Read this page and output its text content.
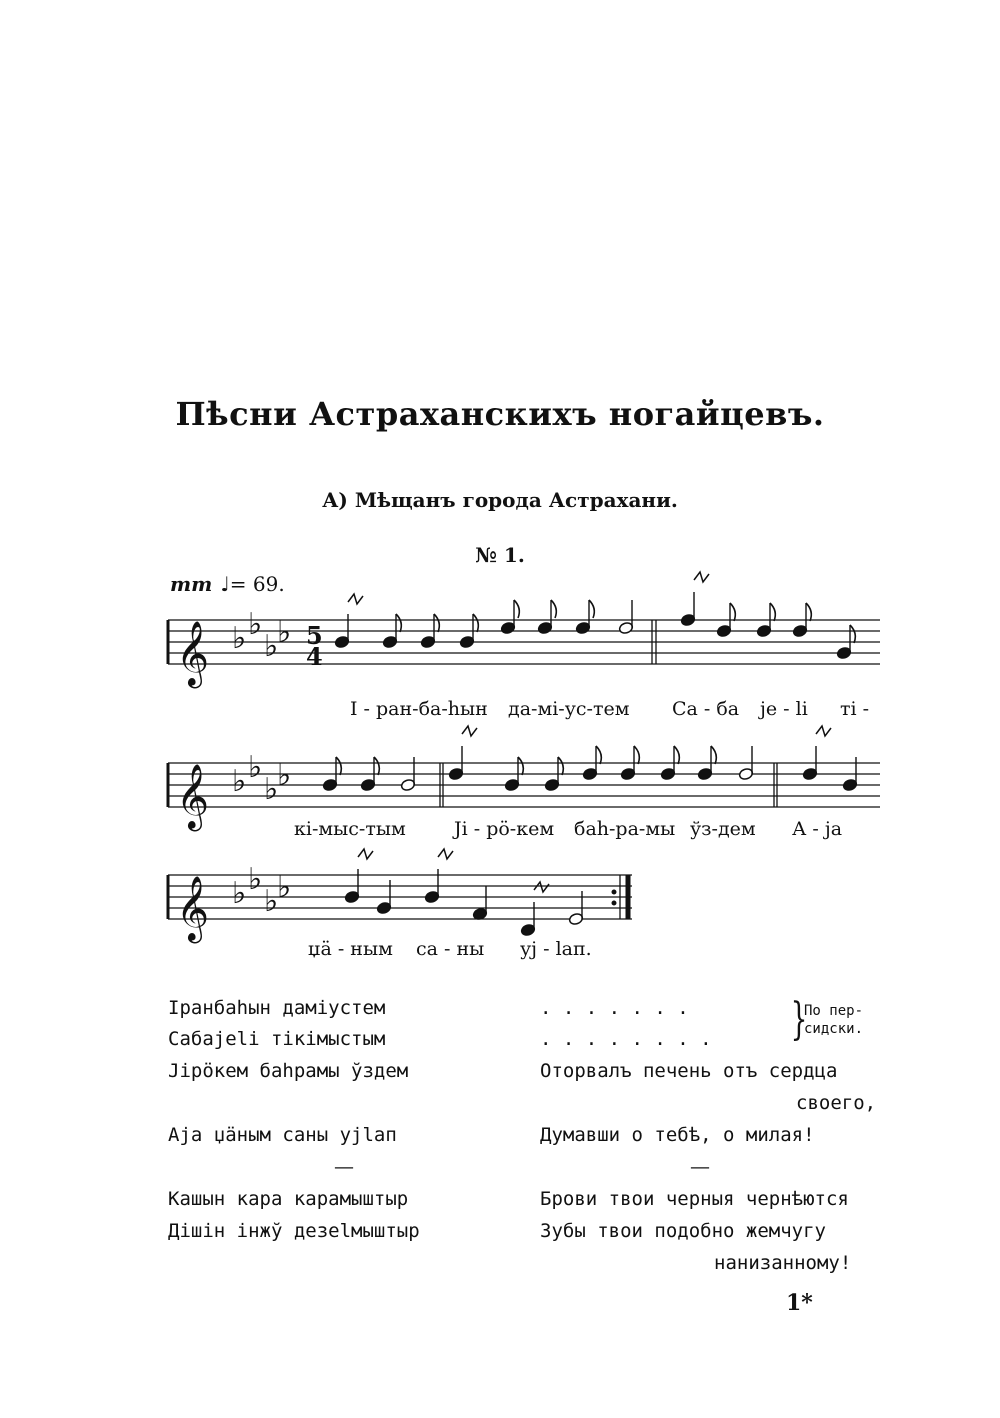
Пѣсни Астраханскихъ ногайцевъ.
А) Мѣщанъ города Астрахани.
№ 1.
mm ♩= 69.
𝄞 ♭ ♭
♭
♭ 5
4
𝄞 ♭ ♭
♭
♭
𝄞 ♭ ♭
♭
♭
І - ран-ба-һын да-мі-ус-тем Са - ба je - li ті -
кі-мыс-тым	Јі - рӧ-кем баһ-ра-мы ўз-дем А - ја
џӓ - ным са - ны уј - lап.
Іранбаһын даміустем
Сабајеli тікімыстым
Јірӧкем баһрамы ўздем
Аја џӓным саны ујlап
Кашын кара карамыштыр
Дішін інжў дезеlмыштыр
. . . . . . .
. . . . . . . . }
По пер-
сидски.
Оторвалъ печень отъ сердца
своего,
Думавши о тебѣ, о милая!
Брови твои черныя чернѣются
Зубы твои подобно жемчугу
нанизанному!
—	—
1*
